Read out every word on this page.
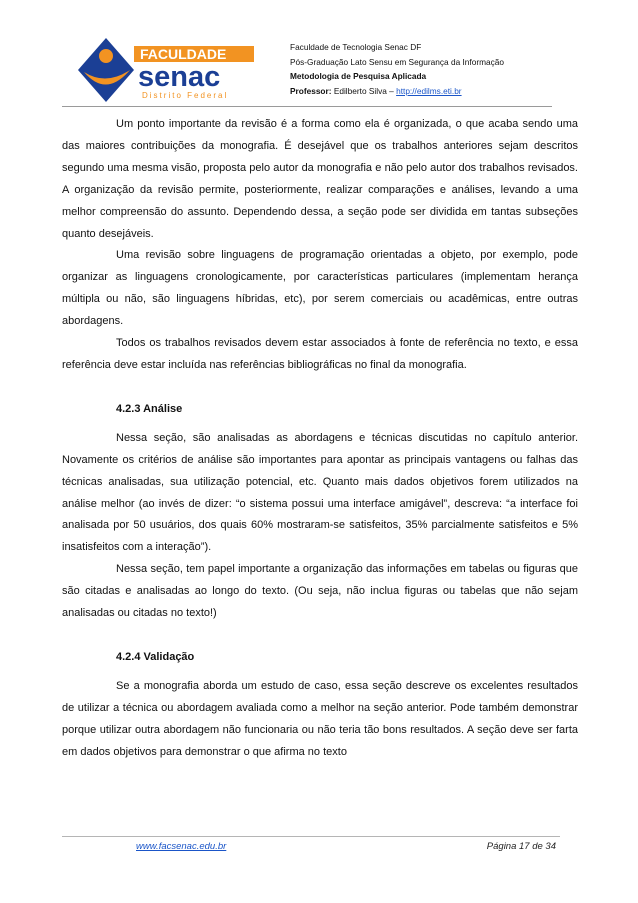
FACULDADE
senac
Distrito Federal
Faculdade de Tecnologia Senac DF
Pós-Graduação Lato Sensu em Segurança da Informação
Metodologia de Pesquisa Aplicada
Professor: Edilberto Silva – http://edilms.eti.br

Um ponto importante da revisão é a forma como ela é organizada, o que acaba sendo uma das maiores contribuições da monografia. É desejável que os trabalhos anteriores sejam descritos segundo uma mesma visão, proposta pelo autor da monografia e não pelo autor dos trabalhos revisados. A organização da revisão permite, posteriormente, realizar comparações e análises, levando a uma melhor compreensão do assunto. Dependendo dessa, a seção pode ser dividida em tantas subseções quanto desejáveis.

Uma revisão sobre linguagens de programação orientadas a objeto, por exemplo, pode organizar as linguagens cronologicamente, por características particulares (implementam herança múltipla ou não, são linguagens híbridas, etc), por serem comerciais ou acadêmicas, entre outras abordagens.

Todos os trabalhos revisados devem estar associados à fonte de referência no texto, e essa referência deve estar incluída nas referências bibliográficas no final da monografia.

4.2.3 Análise

Nessa seção, são analisadas as abordagens e técnicas discutidas no capítulo anterior. Novamente os critérios de análise são importantes para apontar as principais vantagens ou falhas das técnicas analisadas, sua utilização potencial, etc. Quanto mais dados objetivos forem utilizados na análise melhor (ao invés de dizer: “o sistema possui uma interface amigável”, descreva: “a interface foi analisada por 50 usuários, dos quais 60% mostraram-se satisfeitos, 35% parcialmente satisfeitos e 5% insatisfeitos com a interação”).

Nessa seção, tem papel importante a organização das informações em tabelas ou figuras que são citadas e analisadas ao longo do texto. (Ou seja, não inclua figuras ou tabelas que não sejam analisadas ou citadas no texto!)

4.2.4 Validação

Se a monografia aborda um estudo de caso, essa seção descreve os excelentes resultados de utilizar a técnica ou abordagem avaliada como a melhor na seção anterior. Pode também demonstrar porque utilizar outra abordagem não funcionaria ou não teria tão bons resultados. A seção deve ser farta em dados objetivos para demonstrar o que afirma no texto

www.facsenac.edu.br	Página 17 de 34
